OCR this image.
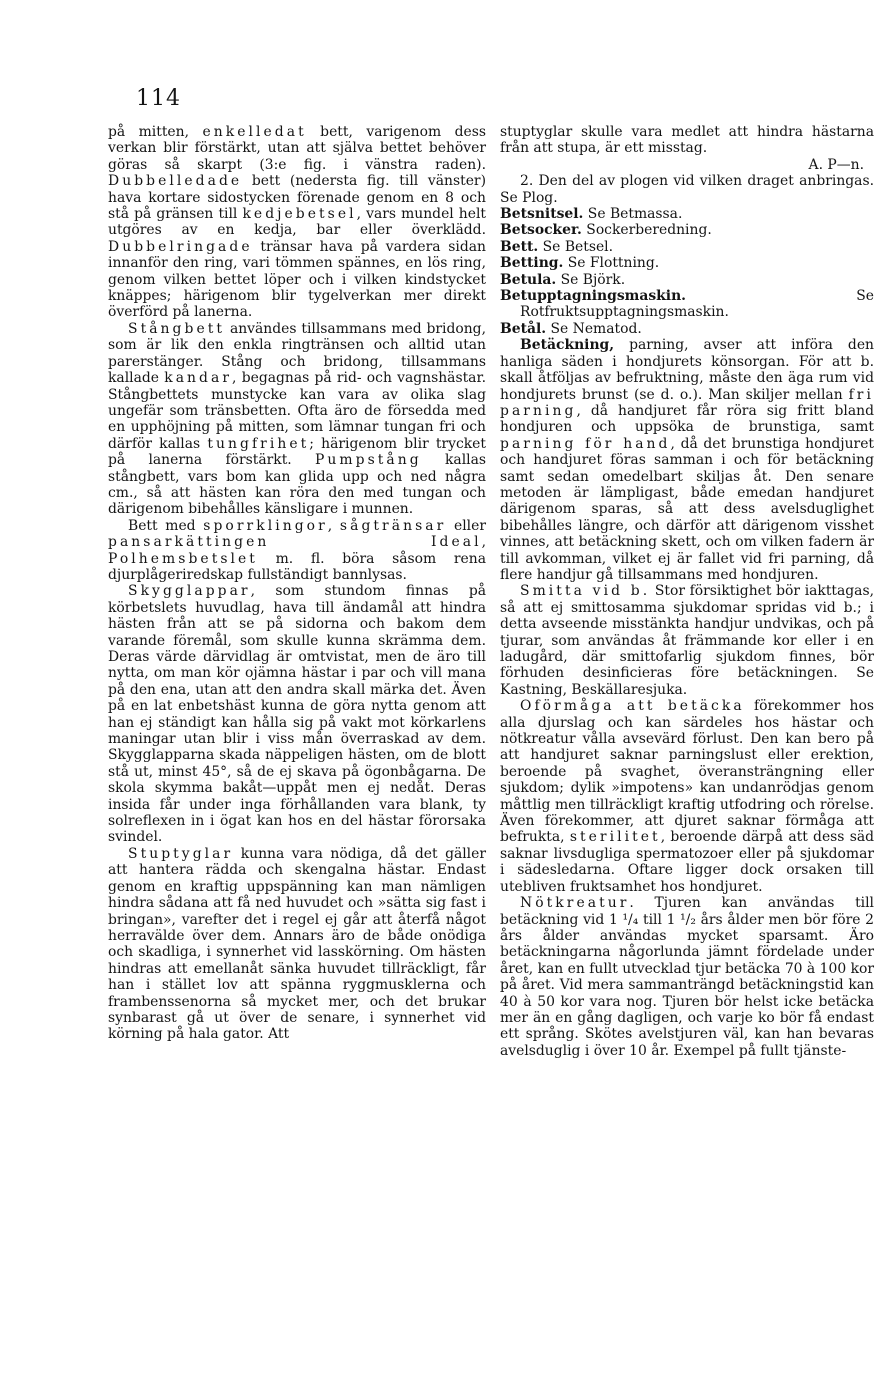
114

på mitten, enkelledat bett, varigenom dess verkan blir förstärkt, utan att själva bettet behöver göras så skarpt (3:e fig. i vänstra raden). Dubbelledade bett (nedersta fig. till vänster) hava kortare sidostycken förenade genom en 8 och stå på gränsen till kedjebetsel, vars mundel helt utgöres av en kedja, bar eller överklädd. Dubbelringade tränsar hava på vardera sidan innanför den ring, vari tömmen spännes, en lös ring, genom vilken bettet löper och i vilken kindstycket knäppes; härigenom blir tygelverkan mer direkt överförd på lanerna.

Stångbett användes tillsammans med bridong, som är lik den enkla ringtränsen och alltid utan parerstänger. Stång och bridong, tillsammans kallade kandar, begagnas på rid- och vagnshästar. Stångbettets munstycke kan vara av olika slag ungefär som tränsbetten. Ofta äro de försedda med en upphöjning på mitten, som lämnar tungan fri och därför kallas tungfrihet; härigenom blir trycket på lanerna förstärkt. Pumpstång kallas stångbett, vars bom kan glida upp och ned några cm., så att hästen kan röra den med tungan och därigenom bibehålles känsligare i munnen.

Bett med sporrklingor, sågtränsar eller pansarkättingen Ideal, Polhemsbetslet m. fl. böra såsom rena djurplågeriredskap fullständigt bannlysas.

Skygglappar, som stundom finnas på körbetslets huvudlag, hava till ändamål att hindra hästen från att se på sidorna och bakom dem varande föremål, som skulle kunna skrämma dem. Deras värde därvidlag är omtvistat, men de äro till nytta, om man kör ojämna hästar i par och vill mana på den ena, utan att den andra skall märka det. Även på en lat enbetshäst kunna de göra nytta genom att han ej ständigt kan hålla sig på vakt mot körkarlens maningar utan blir i viss mån överraskad av dem. Skygglapparna skada näppeligen hästen, om de blott stå ut, minst 45°, så de ej skava på ögonbågarna. De skola skymma bakåt—uppåt men ej nedåt. Deras insida får under inga förhållanden vara blank, ty solreflexen in i ögat kan hos en del hästar förorsaka svindel.

Stuptyglar kunna vara nödiga, då det gäller att hantera rädda och skengalna hästar. Endast genom en kraftig uppspänning kan man nämligen hindra sådana att få ned huvudet och »sätta sig fast i bringan», varefter det i regel ej går att återfå något herravälde över dem. Annars äro de både onödiga och skadliga, i synnerhet vid lasskörning. Om hästen hindras att emellanåt sänka huvudet tillräckligt, får han i stället lov att spänna ryggmusklerna och frambenssenorna så mycket mer, och det brukar synbarast gå ut över de senare, i synnerhet vid körning på hala gator. Att

stuptyglar skulle vara medlet att hindra hästarna från att stupa, är ett misstag.

A. P—n.

2. Den del av plogen vid vilken draget anbringas. Se Plog.

Betsnitsel. Se Betmassa.

Betsocker. Sockerberedning.

Bett. Se Betsel.

Betting. Se Flottning.

Betula. Se Björk.

Betupptagningsmaskin. Se Rotfruktsupptagningsmaskin.

Betål. Se Nematod.

Betäckning, parning, avser att införa den hanliga säden i hondjurets könsorgan. För att b. skall åtföljas av befruktning, måste den äga rum vid hondjurets brunst (se d. o.). Man skiljer mellan fri parning, då handjuret får röra sig fritt bland hondjuren och uppsöka de brunstiga, samt parning för hand, då det brunstiga hondjuret och handjuret föras samman i och för betäckning samt sedan omedelbart skiljas åt. Den senare metoden är lämpligast, både emedan handjuret därigenom sparas, så att dess avelsduglighet bibehålles längre, och därför att därigenom visshet vinnes, att betäckning skett, och om vilken fadern är till avkomman, vilket ej är fallet vid fri parning, då flere handjur gå tillsammans med hondjuren.

Smitta vid b. Stor försiktighet bör iakttagas, så att ej smittosamma sjukdomar spridas vid b.; i detta avseende misstänkta handjur undvikas, och på tjurar, som användas åt främmande kor eller i en ladugård, där smittofarlig sjukdom finnes, bör förhuden desinficieras före betäckningen. Se Kastning, Beskällaresjuka.

Oförmåga att betäcka förekommer hos alla djurslag och kan särdeles hos hästar och nötkreatur vålla avsevärd förlust. Den kan bero på att handjuret saknar parningslust eller erektion, beroende på svaghet, överansträngning eller sjukdom; dylik »impotens» kan undanrödjas genom måttlig men tillräckligt kraftig utfodring och rörelse. Även förekommer, att djuret saknar förmåga att befrukta, sterilitet, beroende därpå att dess säd saknar livsdugliga spermatozoer eller på sjukdomar i sädesledarna. Oftare ligger dock orsaken till utebliven fruktsamhet hos hondjuret.

Nötkreatur. Tjuren kan användas till betäckning vid 1 ¹/₄ till 1 ¹/₂ års ålder men bör före 2 års ålder användas mycket sparsamt. Äro betäckningarna någorlunda jämnt fördelade under året, kan en fullt utvecklad tjur betäcka 70 à 100 kor på året. Vid mera sammanträngd betäckningstid kan 40 à 50 kor vara nog. Tjuren bör helst icke betäcka mer än en gång dagligen, och varje ko bör få endast ett språng. Skötes avelstjuren väl, kan han bevaras avelsduglig i över 10 år. Exempel på fullt tjänste-
